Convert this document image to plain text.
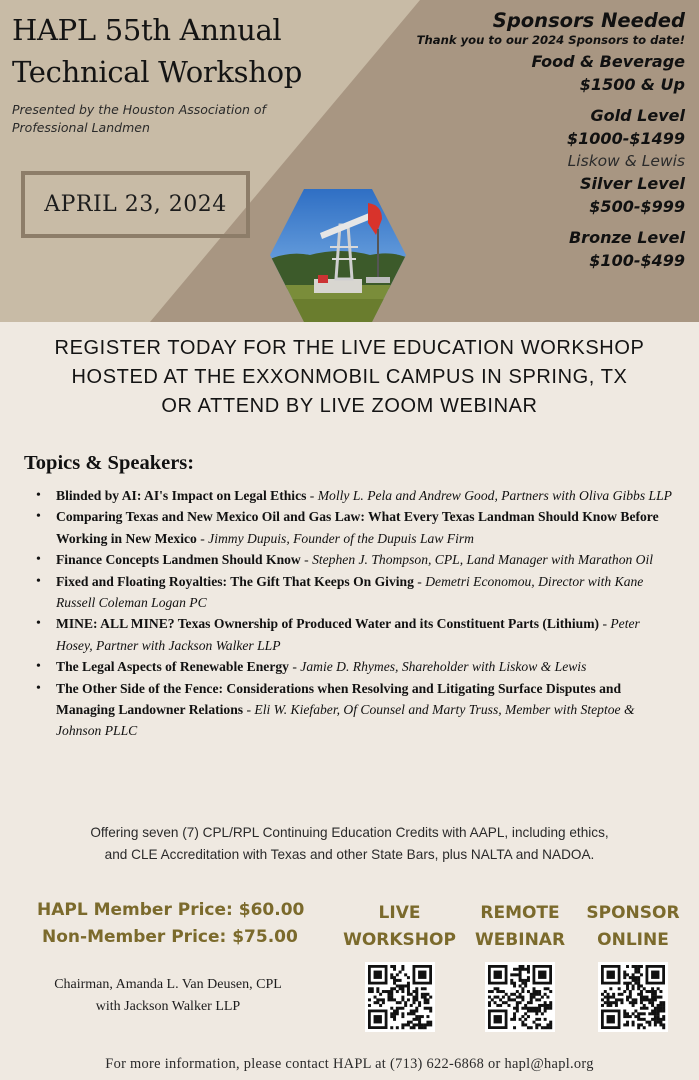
HAPL 55th Annual
Technical Workshop
Presented by the Houston Association of Professional Landmen
APRIL 23, 2024
Sponsors Needed
Thank you to our 2024 Sponsors to date!
Food & Beverage
$1500 & Up
Gold Level
$1000-$1499
Liskow & Lewis
Silver Level
$500-$999
Bronze Level
$100-$499
REGISTER TODAY FOR THE LIVE EDUCATION WORKSHOP
HOSTED AT THE EXXONMOBIL CAMPUS IN SPRING, TX
OR ATTEND BY LIVE ZOOM WEBINAR
Topics & Speakers:
• Blinded by AI: AI's Impact on Legal Ethics - Molly L. Pela and Andrew Good, Partners with Oliva Gibbs LLP
• Comparing Texas and New Mexico Oil and Gas Law: What Every Texas Landman Should Know Before Working in New Mexico - Jimmy Dupuis, Founder of the Dupuis Law Firm
• Finance Concepts Landmen Should Know - Stephen J. Thompson, CPL, Land Manager with Marathon Oil
• Fixed and Floating Royalties: The Gift That Keeps On Giving - Demetri Economou, Director with Kane Russell Coleman Logan PC
• MINE: ALL MINE? Texas Ownership of Produced Water and its Constituent Parts (Lithium) - Peter Hosey, Partner with Jackson Walker LLP
• The Legal Aspects of Renewable Energy - Jamie D. Rhymes, Shareholder with Liskow & Lewis
• The Other Side of the Fence: Considerations when Resolving and Litigating Surface Disputes and Managing Landowner Relations - Eli W. Kiefaber, Of Counsel and Marty Truss, Member with Steptoe & Johnson PLLC
Offering seven (7) CPL/RPL Continuing Education Credits with AAPL, including ethics,
and CLE Accreditation with Texas and other State Bars, plus NALTA and NADOA.
HAPL Member Price: $60.00
Non-Member Price: $75.00
Chairman, Amanda L. Van Deusen, CPL
with Jackson Walker LLP
LIVE
WORKSHOP
REMOTE
WEBINAR
SPONSOR
ONLINE
For more information, please contact HAPL at (713) 622-6868 or hapl@hapl.org
